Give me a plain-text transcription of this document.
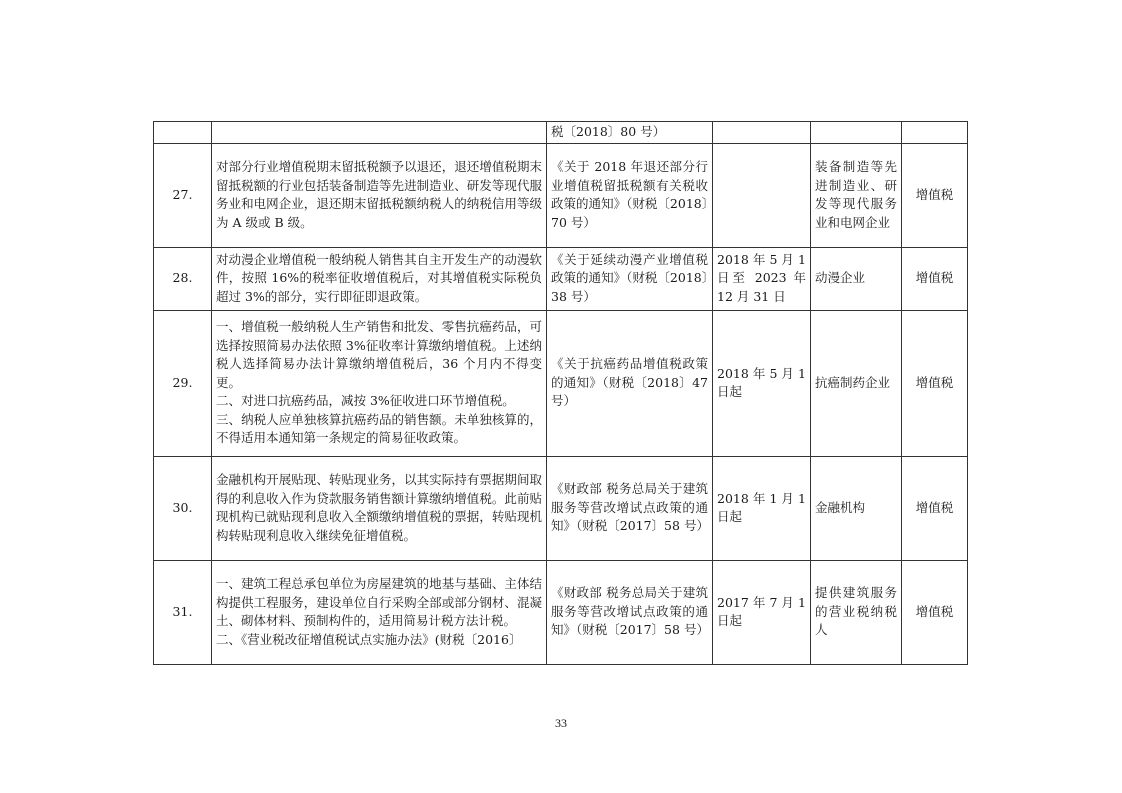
		税〔2018〕80 号）			

27.	对部分行业增值税期末留抵税额予以退还，退还增值税期末留抵税额的行业包括装备制造等先进制造业、研发等现代服务业和电网企业，退还期末留抵税额纳税人的纳税信用等级为 A 级或 B 级。	《关于 2018 年退还部分行业增值税留抵税额有关税收政策的通知》（财税〔2018〕70 号）		装备制造等先进制造业、研发等现代服务业和电网企业	增值税
28.	对动漫企业增值税一般纳税人销售其自主开发生产的动漫软件，按照 16%的税率征收增值税后，对其增值税实际税负超过 3%的部分，实行即征即退政策。	《关于延续动漫产业增值税政策的通知》（财税〔2018〕38 号）	2018 年 5 月 1 日至 2023 年 12 月 31 日	动漫企业	增值税
29.	一、增值税一般纳税人生产销售和批发、零售抗癌药品，可选择按照简易办法依照 3%征收率计算缴纳增值税。上述纳税人选择简易办法计算缴纳增值税后，36 个月内不得变更。
二、对进口抗癌药品，减按 3%征收进口环节增值税。
三、纳税人应单独核算抗癌药品的销售额。未单独核算的，不得适用本通知第一条规定的简易征收政策。	《关于抗癌药品增值税政策的通知》（财税〔2018〕47 号）	2018 年 5 月 1 日起	抗癌制药企业	增值税
30.	金融机构开展贴现、转贴现业务，以其实际持有票据期间取得的利息收入作为贷款服务销售额计算缴纳增值税。此前贴现机构已就贴现利息收入全额缴纳增值税的票据，转贴现机构转贴现利息收入继续免征增值税。	《财政部 税务总局关于建筑服务等营改增试点政策的通知》（财税〔2017〕58 号）	2018 年 1 月 1 日起	金融机构	增值税
31.	一、建筑工程总承包单位为房屋建筑的地基与基础、主体结构提供工程服务，建设单位自行采购全部或部分钢材、混凝土、砌体材料、预制构件的，适用简易计税方法计税。
二、《营业税改征增值税试点实施办法》(财税〔2016〕	《财政部 税务总局关于建筑服务等营改增试点政策的通知》（财税〔2017〕58 号）	2017 年 7 月 1 日起	提供建筑服务的营业税纳税人	增值税
33
